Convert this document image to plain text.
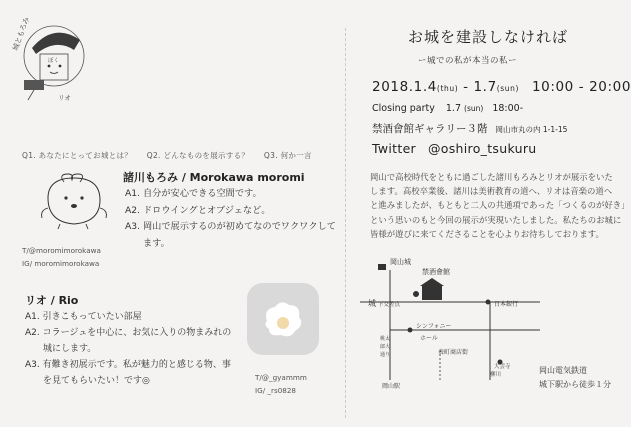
城ともろみ
ぼく
リオ
Q1. あなたにとってお城とは？ Q2. どんなものを展示する？ Q3. 何か一言
諸川もろみ / Morokawa moromi
A1. 自分が安心できる空間です。
A2. ドロウイングとオブジェなど。
A3. 岡山で展示するのが初めてなのでワクワクして
ます。
T/@moromimorokawa
IG/ moromimorokawa
リオ / Rio
A1. 引きこもっていたい部屋
A2. コラージュを中心に、お気に入りの物まみれの
城にします。
A3. 有難き初展示です。私が魅力的と感じる物、事
を見てもらいたい！です◎	T/@_gyammm
IG/ _rs0828
お城を建設しなければ
ー城での私が本当の私ー
2018.1.4(thu) - 1.7(sun) 10:00 - 20:00
Closing party 1.7 (sun) 18:00-
禁酒會館ギャラリー３階 岡山市丸の内 1-1-15
Twitter @oshiro_tsukuru
岡山で高校時代をともに過ごした諸川もろみとリオが展示をいた
します。高校卒業後、諸川は美術教育の道へ、リオは音楽の道へ
と進みましたが、もともと二人の共通項であった「つくるのが好き」
という思いのもと今回の展示が実現いたしました。私たちのお城に
皆様が遊びに来てくださることを心よりお待ちしております。
岡山城
禁酒會館
城 下交差点	日本銀行
シンフォニー
ホール
桃太
郎大
通り	表町商店街
岡山駅
柳川
大雲寺	岡山電気鉄道
城下駅から徒歩１分
